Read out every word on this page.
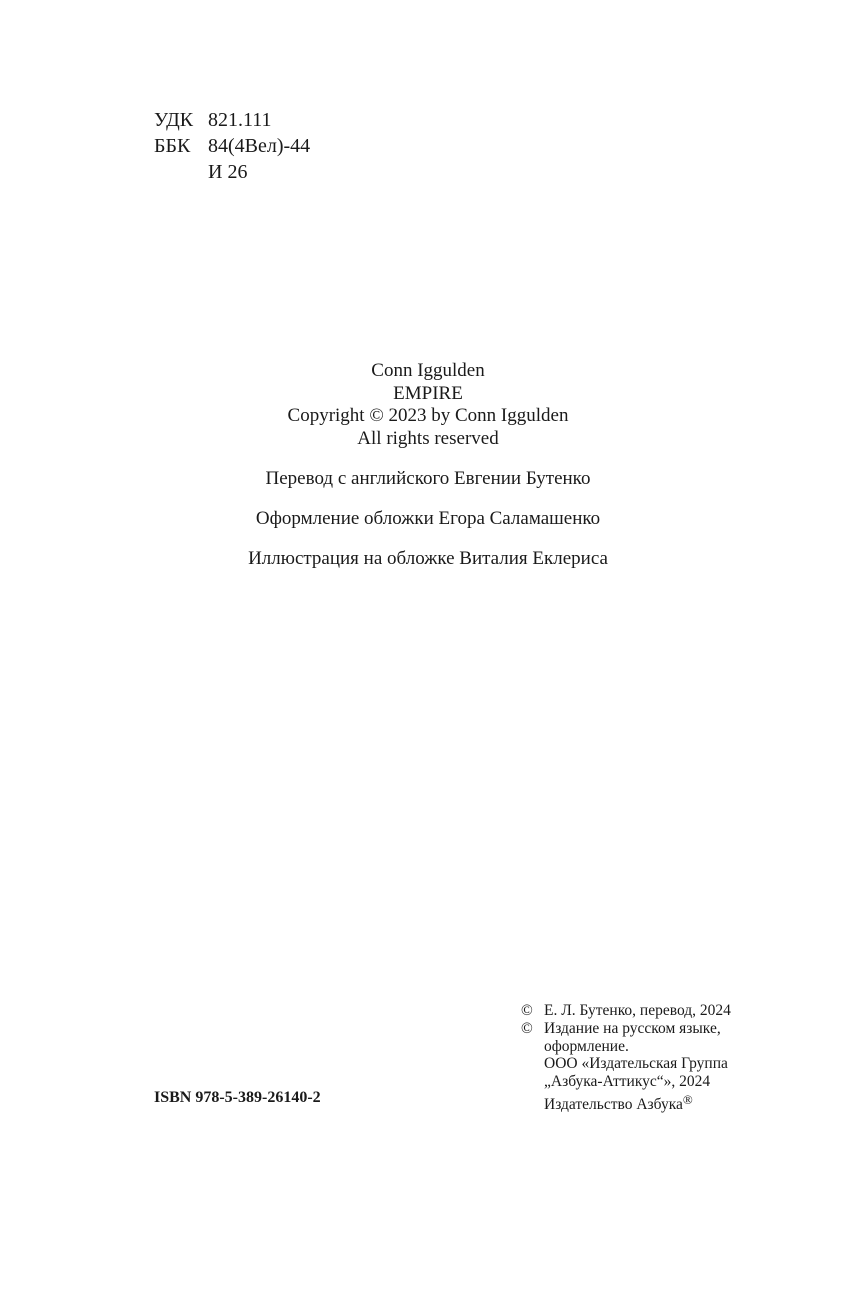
УДК 821.111
ББК 84(4Вел)-44
И 26
Conn Iggulden
EMPIRE
Copyright © 2023 by Conn Iggulden
All rights reserved
Перевод с английского Евгении Бутенко
Оформление обложки Егора Саламашенко
Иллюстрация на обложке Виталия Еклериса
ISBN 978-5-389-26140-2
© Е. Л. Бутенко, перевод, 2024
© Издание на русском языке,
оформление.
ООО «Издательская Группа
„Азбука-Аттикус“», 2024
Издательство Азбука®
